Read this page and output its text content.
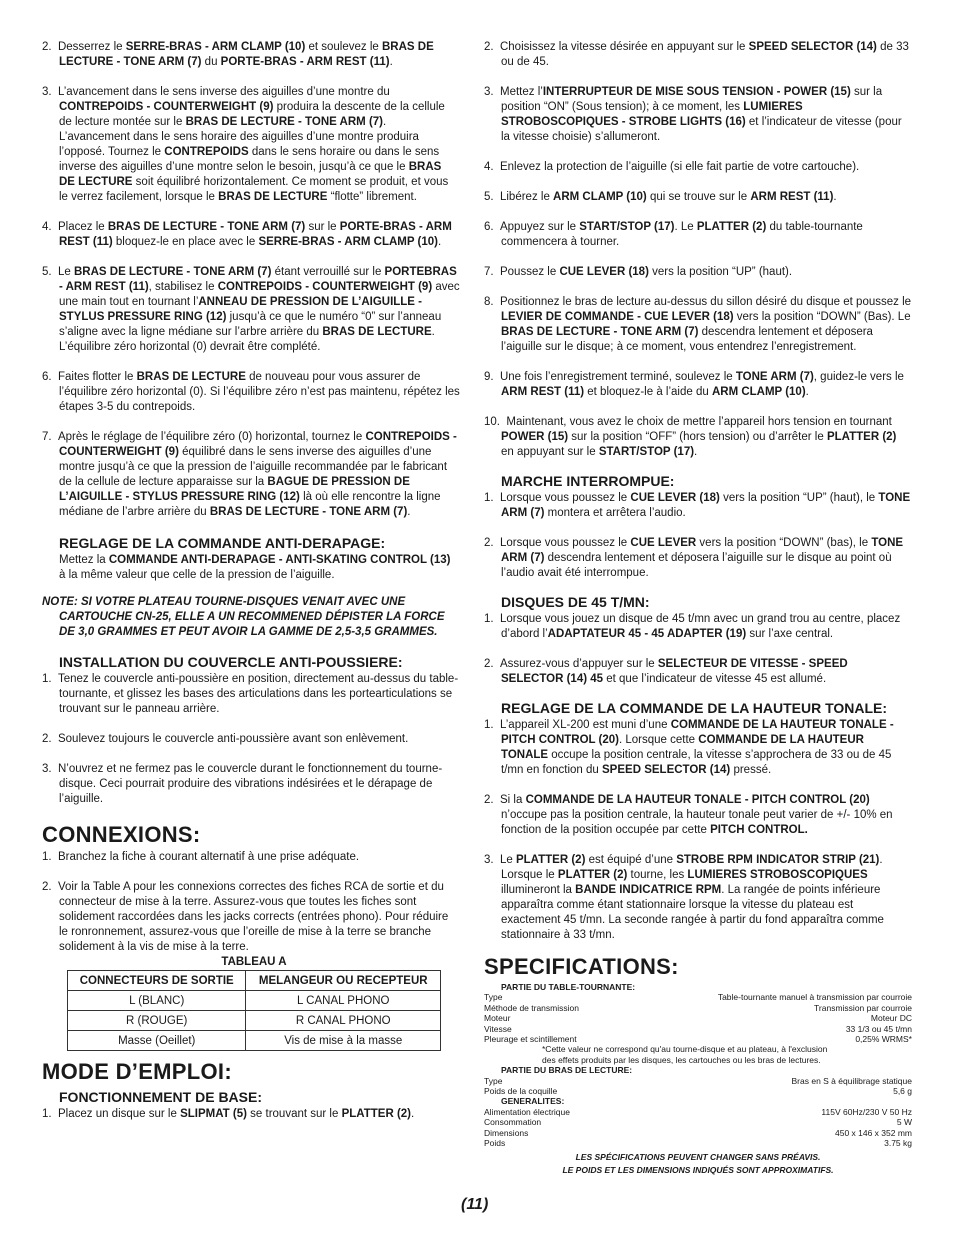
2. Desserrez le SERRE-BRAS - ARM CLAMP (10) et soulevez le BRAS DE LECTURE - TONE ARM (7) du PORTE-BRAS - ARM REST (11).

3. L’avancement dans le sens inverse des aiguilles d’une montre du CONTREPOIDS - COUNTERWEIGHT (9) produira la descente de la cellule de lecture montée sur le BRAS DE LECTURE - TONE ARM (7). L’avancement dans le sens horaire des aiguilles d’une montre produira l’opposé. Tournez le CONTREPOIDS dans le sens horaire ou dans le sens inverse des aiguilles d’une montre selon le besoin, jusqu’à ce que le BRAS DE LECTURE soit équilibré horizontalement. Ce moment se produit, et vous le verrez facilement, lorsque le BRAS DE LECTURE “flotte” librement.

4. Placez le BRAS DE LECTURE - TONE ARM (7) sur le PORTE-BRAS - ARM REST (11) bloquez-le en place avec le SERRE-BRAS - ARM CLAMP (10).

5. Le BRAS DE LECTURE - TONE ARM (7) étant verrouillé sur le PORTEBRAS - ARM REST (11), stabilisez le CONTREPOIDS - COUNTERWEIGHT (9) avec une main tout en tournant l’ANNEAU DE PRESSION DE L’AIGUILLE - STYLUS PRESSURE RING (12) jusqu’à ce que le numéro “0” sur l’anneau s’aligne avec la ligne médiane sur l’arbre arrière du BRAS DE LECTURE. L’équilibre zéro horizontal (0) devrait être complété.

6. Faites flotter le BRAS DE LECTURE de nouveau pour vous assurer de l’équilibre zéro horizontal (0). Si l’équilibre zéro n’est pas maintenu, répétez les étapes 3-5 du contrepoids.

7. Après le réglage de l’équilibre zéro (0) horizontal, tournez le CONTREPOIDS - COUNTERWEIGHT (9) équilibré dans le sens inverse des aiguilles d’une montre jusqu’à ce que la pression de l’aiguille recommandée par le fabricant de la cellule de lecture apparaisse sur la BAGUE DE PRESSION DE L’AIGUILLE - STYLUS PRESSURE RING (12) là où elle rencontre la ligne médiane de l’arbre arrière du BRAS DE LECTURE - TONE ARM (7).

REGLAGE DE LA COMMANDE ANTI-DERAPAGE:

Mettez la COMMANDE ANTI-DERAPAGE - ANTI-SKATING CONTROL (13) à la même valeur que celle de la pression de l’aiguille.

NOTE: SI VOTRE PLATEAU TOURNE-DISQUES VENAIT AVEC UNE CARTOUCHE CN-25, ELLE A UN RECOMMENED DÉPISTER LA FORCE DE 3,0 GRAMMES ET PEUT AVOIR LA GAMME DE 2,5-3,5 GRAMMES.

INSTALLATION DU COUVERCLE ANTI-POUSSIERE:

1. Tenez le couvercle anti-poussière en position, directement au-dessus du table-tournante, et glissez les bases des articulations dans les portearticulations se trouvant sur le panneau arrière.

2. Soulevez toujours le couvercle anti-poussière avant son enlèvement.

3. N’ouvrez et ne fermez pas le couvercle durant le fonctionnement du tourne-disque. Ceci pourrait produire des vibrations indésirées et le dérapage de l’aiguille.

CONNEXIONS:

1. Branchez la fiche à courant alternatif à une prise adéquate.

2. Voir la Table A pour les connexions correctes des fiches RCA de sortie et du connecteur de mise à la terre. Assurez-vous que toutes les fiches sont solidement raccordées dans les jacks corrects (entrées phono). Pour réduire le ronronnement, assurez-vous que l’oreille de mise à la terre se branche solidement à la vis de mise à la terre.

TABLEAU A
CONNECTEURS DE SORTIE	MELANGEUR OU RECEPTEUR
L (BLANC)	L CANAL PHONO
R (ROUGE)	R CANAL PHONO
Masse (Oeillet)	Vis de mise à la masse
MODE D’EMPLOI:
FONCTIONNEMENT DE BASE:

1. Placez un disque sur le SLIPMAT (5) se trouvant sur le PLATTER (2).

2. Choisissez la vitesse désirée en appuyant sur le SPEED SELECTOR (14) de 33 ou de 45.

3. Mettez l’INTERRUPTEUR DE MISE SOUS TENSION - POWER (15) sur la position “ON” (Sous tension); à ce moment, les LUMIERES STROBOSCOPIQUES - STROBE LIGHTS (16) et l’indicateur de vitesse (pour la vitesse choisie) s’allumeront.

4. Enlevez la protection de l’aiguille (si elle fait partie de votre cartouche).

5. Libérez le ARM CLAMP (10) qui se trouve sur le ARM REST (11).

6. Appuyez sur le START/STOP (17). Le PLATTER (2) du table-tournante commencera à tourner.

7. Poussez le CUE LEVER (18) vers la position “UP” (haut).

8. Positionnez le bras de lecture au-dessus du sillon désiré du disque et poussez le LEVIER DE COMMANDE - CUE LEVER (18) vers la position “DOWN” (Bas). Le BRAS DE LECTURE - TONE ARM (7) descendra lentement et déposera l’aiguille sur le disque; à ce moment, vous entendrez l’enregistrement.

9. Une fois l’enregistrement terminé, soulevez le TONE ARM (7), guidez-le vers le ARM REST (11) et bloquez-le à l’aide du ARM CLAMP (10).

10. Maintenant, vous avez le choix de mettre l’appareil hors tension en tournant POWER (15) sur la position “OFF” (hors tension) ou d’arrêter le PLATTER (2) en appuyant sur le START/STOP (17).

MARCHE INTERROMPUE:

1. Lorsque vous poussez le CUE LEVER (18) vers la position “UP” (haut), le TONE ARM (7) montera et arrêtera l’audio.

2. Lorsque vous poussez le CUE LEVER vers la position “DOWN” (bas), le TONE ARM (7) descendra lentement et déposera l’aiguille sur le disque au point où l’audio avait été interrompue.

DISQUES DE 45 T/MN:

1. Lorsque vous jouez un disque de 45 t/mn avec un grand trou au centre, placez d’abord l’ADAPTATEUR 45 - 45 ADAPTER (19) sur l’axe central.

2. Assurez-vous d’appuyer sur le SELECTEUR DE VITESSE - SPEED SELECTOR (14) 45 et que l’indicateur de vitesse 45 est allumé.

REGLAGE DE LA COMMANDE DE LA HAUTEUR TONALE:

1. L’appareil XL-200 est muni d’une COMMANDE DE LA HAUTEUR TONALE - PITCH CONTROL (20). Lorsque cette COMMANDE DE LA HAUTEUR TONALE occupe la position centrale, la vitesse s’approchera de 33 ou de 45 t/mn en fonction du SPEED SELECTOR (14) pressé.

2. Si la COMMANDE DE LA HAUTEUR TONALE - PITCH CONTROL (20) n’occupe pas la position centrale, la hauteur tonale peut varier de +/- 10% en fonction de la position occupée par cette PITCH CONTROL.

3. Le PLATTER (2) est équipé d’une STROBE RPM INDICATOR STRIP (21). Lorsque le PLATTER (2) tourne, les LUMIERES STROBOSCOPIQUES illumineront la BANDE INDICATRICE RPM. La rangée de points inférieure apparaîtra comme étant stationnaire lorsque la vitesse du plateau est exactement 45 t/mn. La seconde rangée à partir du fond apparaîtra comme stationnaire à 33 t/mn.

SPECIFICATIONS:
PARTIE DU TABLE-TOURNANTE:
Type	Table-tournante manuel à transmission par courroie
Méthode de transmission	Transmission par courroie
Moteur	Moteur DC
Vitesse	33 1/3 ou 45 t/mn
Pleurage et scintillement	0,25% WRMS*
*Cette valeur ne correspond qu'au tourne-disque et au plateau, à l'exclusion
des effets produits par les disques, les cartouches ou les bras de lectures.
PARTIE DU BRAS DE LECTURE:
Type	Bras en S à équilibrage statique
Poids de la coquille	5,6 g
GENERALITES:
Alimentation électrique	115V 60Hz/230 V 50 Hz
Consommation	5 W
Dimensions	450 x 146 x 352 mm
Poids	3.75 kg
LES SPÉCIFICATIONS PEUVENT CHANGER SANS PRÉAVIS.
LE POIDS ET LES DIMENSIONS INDIQUÉS SONT APPROXIMATIFS.
(11)
